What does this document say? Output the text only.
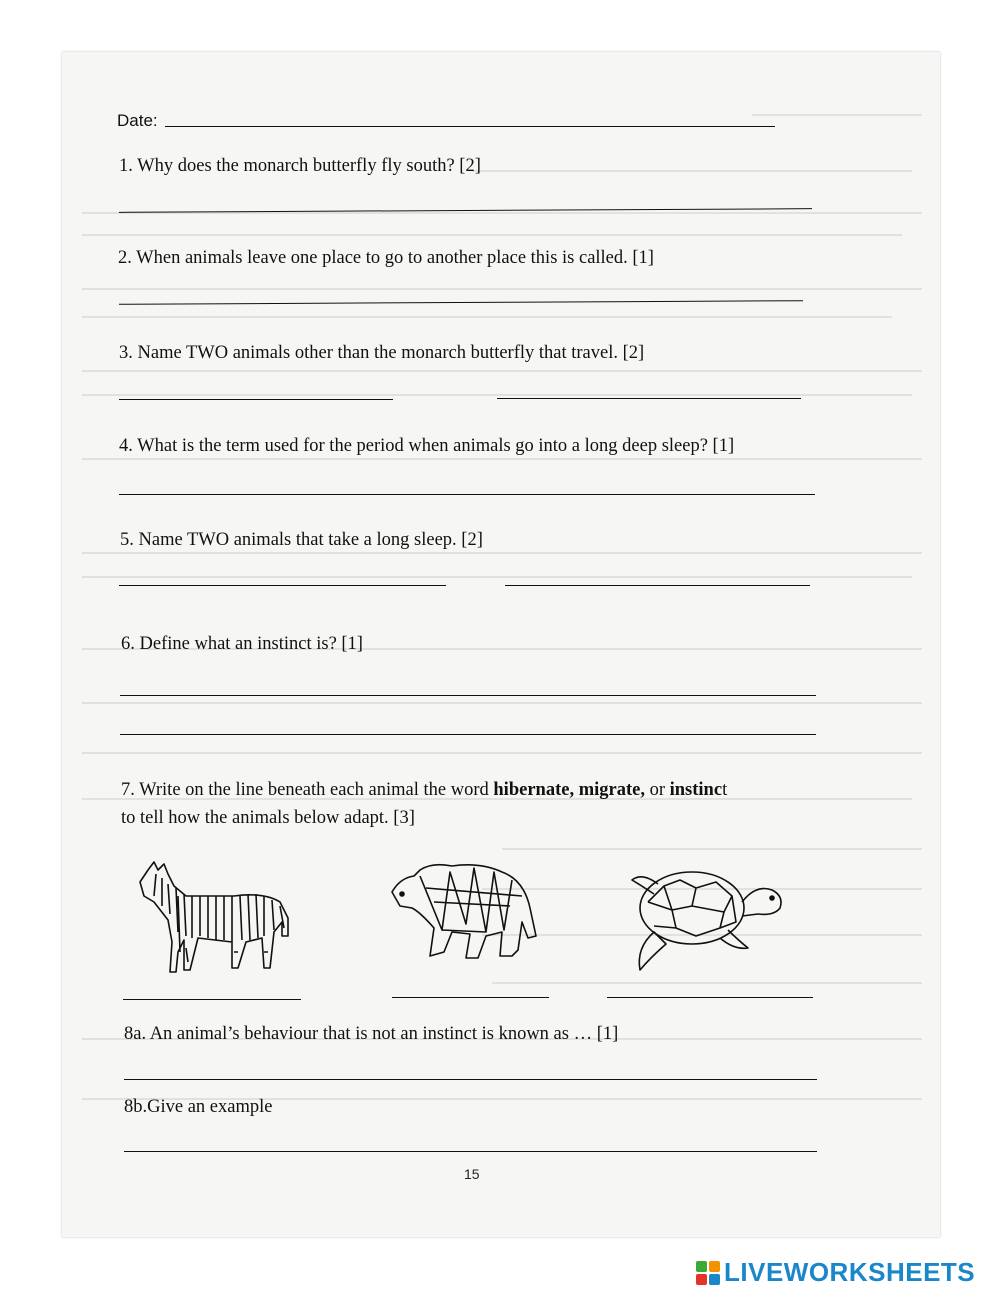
Date:
1. Why does the monarch butterfly fly south? [2]
2. When animals leave one place to go to another place this is called. [1]
3. Name TWO animals other than the monarch butterfly that travel. [2]
4. What is the term used for the period when animals go into a long deep sleep? [1]
5. Name TWO animals that take a long sleep. [2]
6. Define what an instinct is? [1]
7. Write on the line beneath each animal the word hibernate, migrate, or instinct
to tell how the animals below adapt. [3]
8a. An animal’s behaviour that is not an instinct is known as … [1]
8b.Give an example
15
LIVEWORKSHEETS
